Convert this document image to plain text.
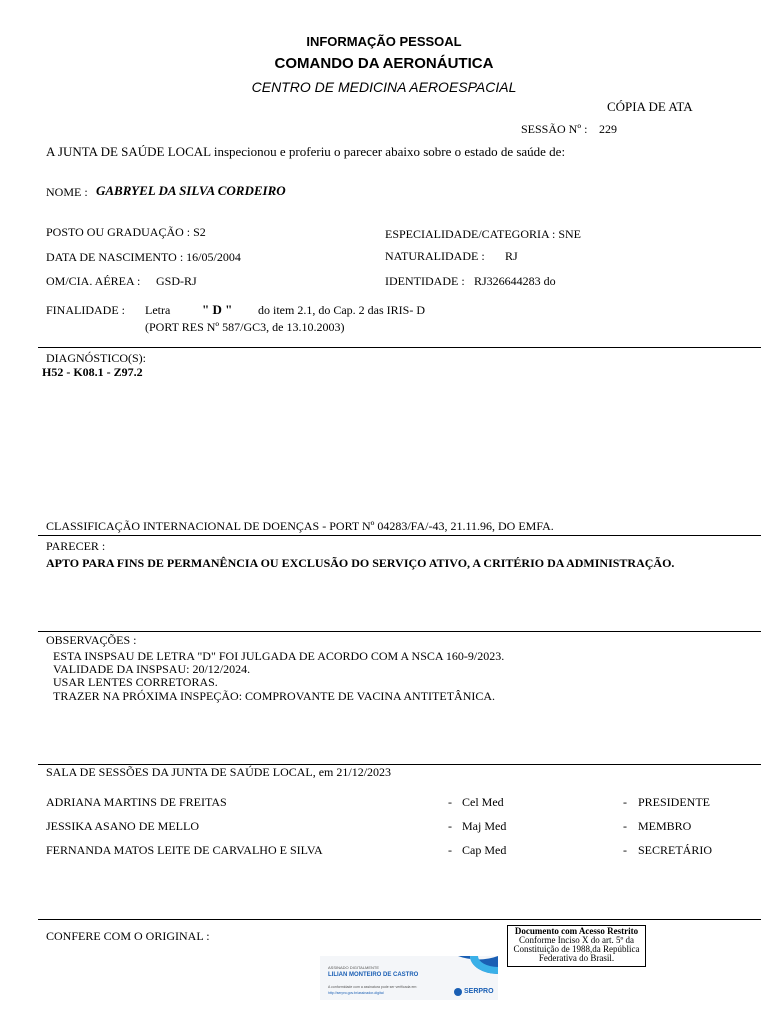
INFORMAÇÃO PESSOAL
COMANDO DA AERONÁUTICA
CENTRO DE MEDICINA AEROESPACIAL
CÓPIA DE ATA
SESSÃO Nº : 229
A JUNTA DE SAÚDE LOCAL inspecionou e proferiu o parecer abaixo sobre o estado de saúde de:
NOME : GABRYEL DA SILVA CORDEIRO
POSTO OU GRADUAÇÃO : S2	ESPECIALIDADE/CATEGORIA : SNE
DATA DE NASCIMENTO : 16/05/2004	NATURALIDADE : RJ
OM/CIA. AÉREA : GSD-RJ	IDENTIDADE : RJ326644283 do
FINALIDADE : Letra " D " do item 2.1, do Cap. 2 das IRIS- D
(PORT RES Nº 587/GC3, de 13.10.2003)
DIAGNÓSTICO(S):
H52 - K08.1 - Z97.2
CLASSIFICAÇÃO INTERNACIONAL DE DOENÇAS - PORT Nº 04283/FA/-43, 21.11.96, DO EMFA.
PARECER :
APTO PARA FINS DE PERMANÊNCIA OU EXCLUSÃO DO SERVIÇO ATIVO, A CRITÉRIO DA ADMINISTRAÇÃO.
OBSERVAÇÕES :
ESTA INSPSAU DE LETRA "D" FOI JULGADA DE ACORDO COM A NSCA 160-9/2023.
VALIDADE DA INSPSAU: 20/12/2024.
USAR LENTES CORRETORAS.
TRAZER NA PRÓXIMA INSPEÇÃO: COMPROVANTE DE VACINA ANTITETÂNICA.
SALA DE SESSÕES DA JUNTA DE SAÚDE LOCAL, em 21/12/2023
ADRIANA MARTINS DE FREITAS	- Cel Med	- PRESIDENTE
JESSIKA ASANO DE MELLO	- Maj Med	- MEMBRO
FERNANDA MATOS LEITE DE CARVALHO E SILVA	- Cap Med	- SECRETÁRIO
CONFERE COM O ORIGINAL :	Documento com Acesso Restrito
Conforme Inciso X do art. 5º da
Constituição de 1988,da República
Federativa do Brasil.
ASSINADO DIGITALMENTE
LILIAN MONTEIRO DE CASTRO
A conformidade com a assinatura pode ser verificada em:
http://serpro.gov.br/assinador-digital	SERPRO
